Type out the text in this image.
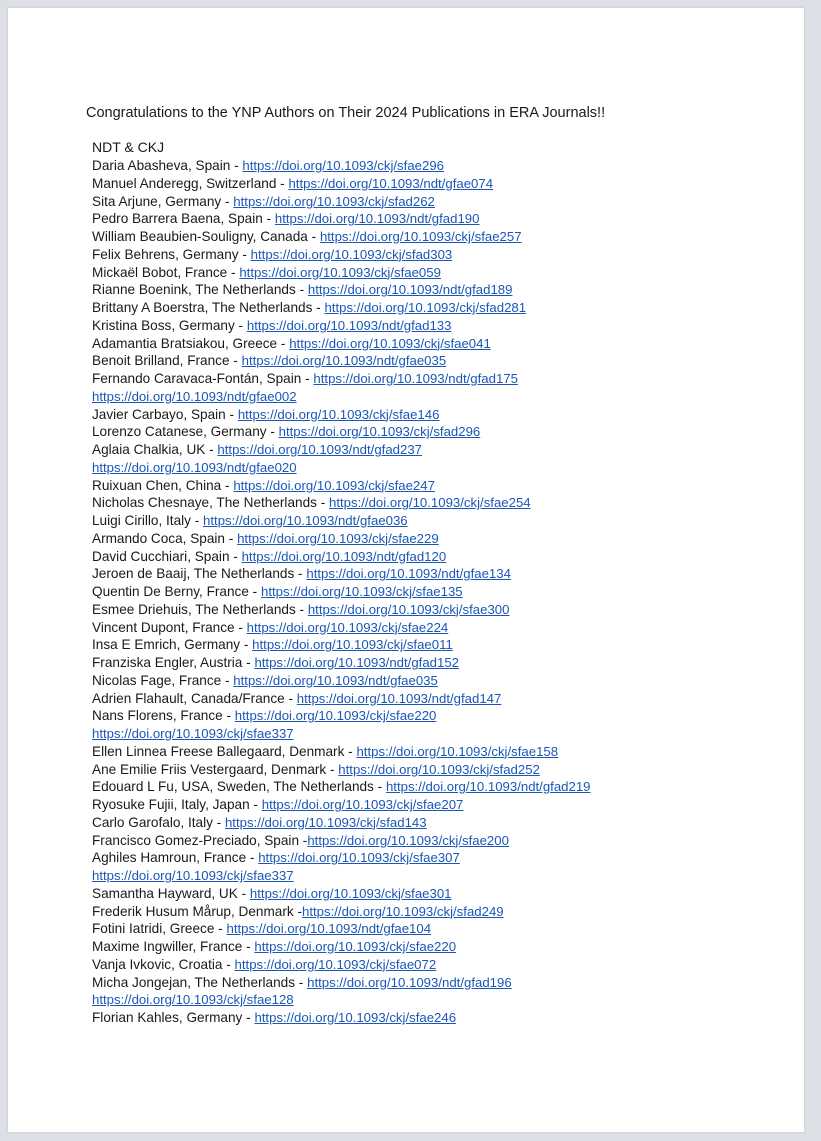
Congratulations to the YNP Authors on Their 2024 Publications in ERA Journals!!
NDT & CKJ
Daria Abasheva, Spain - https://doi.org/10.1093/ckj/sfae296
Manuel Anderegg, Switzerland - https://doi.org/10.1093/ndt/gfae074
Sita Arjune, Germany - https://doi.org/10.1093/ckj/sfad262
Pedro Barrera Baena, Spain - https://doi.org/10.1093/ndt/gfad190
William Beaubien-Souligny, Canada - https://doi.org/10.1093/ckj/sfae257
Felix Behrens, Germany - https://doi.org/10.1093/ckj/sfad303
Mickaël Bobot, France - https://doi.org/10.1093/ckj/sfae059
Rianne Boenink, The Netherlands - https://doi.org/10.1093/ndt/gfad189
Brittany A Boerstra, The Netherlands - https://doi.org/10.1093/ckj/sfad281
Kristina Boss, Germany - https://doi.org/10.1093/ndt/gfad133
Adamantia Bratsiakou, Greece - https://doi.org/10.1093/ckj/sfae041
Benoit Brilland, France - https://doi.org/10.1093/ndt/gfae035
Fernando Caravaca-Fontán, Spain - https://doi.org/10.1093/ndt/gfad175
https://doi.org/10.1093/ndt/gfae002
Javier Carbayo, Spain - https://doi.org/10.1093/ckj/sfae146
Lorenzo Catanese, Germany - https://doi.org/10.1093/ckj/sfad296
Aglaia Chalkia, UK - https://doi.org/10.1093/ndt/gfad237
https://doi.org/10.1093/ndt/gfae020
Ruixuan Chen, China - https://doi.org/10.1093/ckj/sfae247
Nicholas Chesnaye, The Netherlands - https://doi.org/10.1093/ckj/sfae254
Luigi Cirillo, Italy - https://doi.org/10.1093/ndt/gfae036
Armando Coca, Spain - https://doi.org/10.1093/ckj/sfae229
David Cucchiari, Spain - https://doi.org/10.1093/ndt/gfad120
Jeroen de Baaij, The Netherlands - https://doi.org/10.1093/ndt/gfae134
Quentin De Berny, France - https://doi.org/10.1093/ckj/sfae135
Esmee Driehuis, The Netherlands - https://doi.org/10.1093/ckj/sfae300
Vincent Dupont, France - https://doi.org/10.1093/ckj/sfae224
Insa E Emrich, Germany - https://doi.org/10.1093/ckj/sfae011
Franziska Engler, Austria - https://doi.org/10.1093/ndt/gfad152
Nicolas Fage, France - https://doi.org/10.1093/ndt/gfae035
Adrien Flahault, Canada/France - https://doi.org/10.1093/ndt/gfad147
Nans Florens, France - https://doi.org/10.1093/ckj/sfae220
https://doi.org/10.1093/ckj/sfae337
Ellen Linnea Freese Ballegaard, Denmark - https://doi.org/10.1093/ckj/sfae158
Ane Emilie Friis Vestergaard, Denmark - https://doi.org/10.1093/ckj/sfad252
Edouard L Fu, USA, Sweden, The Netherlands - https://doi.org/10.1093/ndt/gfad219
Ryosuke Fujii, Italy, Japan - https://doi.org/10.1093/ckj/sfae207
Carlo Garofalo, Italy - https://doi.org/10.1093/ckj/sfad143
Francisco Gomez-Preciado, Spain -https://doi.org/10.1093/ckj/sfae200
Aghiles Hamroun, France - https://doi.org/10.1093/ckj/sfae307
https://doi.org/10.1093/ckj/sfae337
Samantha Hayward, UK - https://doi.org/10.1093/ckj/sfae301
Frederik Husum Mårup, Denmark -https://doi.org/10.1093/ckj/sfad249
Fotini Iatridi, Greece - https://doi.org/10.1093/ndt/gfae104
Maxime Ingwiller, France - https://doi.org/10.1093/ckj/sfae220
Vanja Ivkovic, Croatia - https://doi.org/10.1093/ckj/sfae072
Micha Jongejan, The Netherlands - https://doi.org/10.1093/ndt/gfad196
https://doi.org/10.1093/ckj/sfae128
Florian Kahles, Germany - https://doi.org/10.1093/ckj/sfae246
